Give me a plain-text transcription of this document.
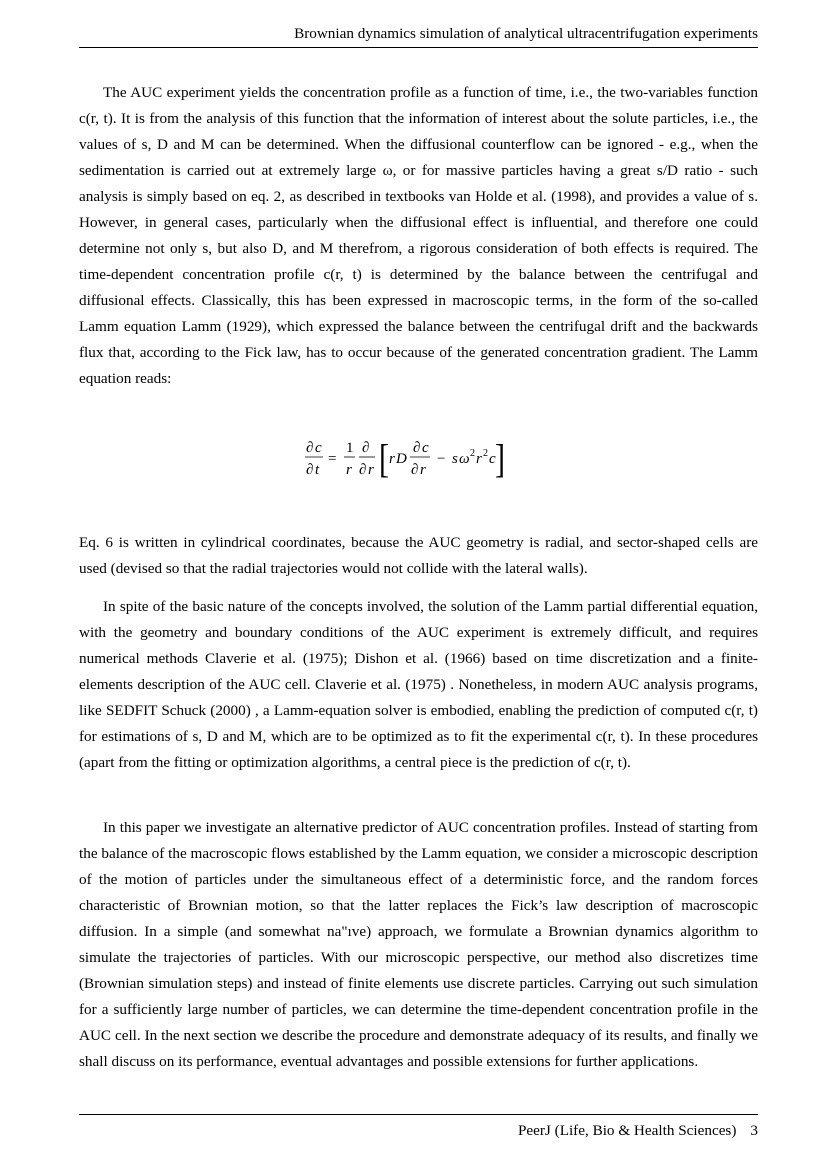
Brownian dynamics simulation of analytical ultracentrifugation experiments

The AUC experiment yields the concentration profile as a function of time, i.e., the two-variables function c(r, t). It is from the analysis of this function that the information of interest about the solute particles, i.e., the values of s, D and M can be determined. When the diffusional counterflow can be ignored - e.g., when the sedimentation is carried out at extremely large ω, or for massive particles having a great s/D ratio - such analysis is simply based on eq. 2, as described in textbooks van Holde et al. (1998), and provides a value of s. However, in general cases, particularly when the diffusional effect is influential, and therefore one could determine not only s, but also D, and M therefrom, a rigorous consideration of both effects is required. The time-dependent concentration profile c(r, t) is determined by the balance between the centrifugal and diffusional effects. Classically, this has been expressed in macroscopic terms, in the form of the so-called Lamm equation Lamm (1929), which expressed the balance between the centrifugal drift and the backwards flux that, according to the Fick law, has to occur because of the generated concentration gradient. The Lamm equation reads:

∂ c
∂ t
=
1
r
∂
∂ r [ r D
∂ c
∂ r
− s ω 2 r 2 c ]

Eq. 6 is written in cylindrical coordinates, because the AUC geometry is radial, and sector-shaped cells are used (devised so that the radial trajectories would not collide with the lateral walls).

In spite of the basic nature of the concepts involved, the solution of the Lamm partial differential equation, with the geometry and boundary conditions of the AUC experiment is extremely difficult, and requires numerical methods Claverie et al. (1975); Dishon et al. (1966) based on time discretization and a finite-elements description of the AUC cell. Claverie et al. (1975) . Nonetheless, in modern AUC analysis programs, like SEDFIT Schuck (2000) , a Lamm-equation solver is embodied, enabling the prediction of computed c(r, t) for estimations of s, D and M, which are to be optimized as to fit the experimental c(r, t). In these procedures (apart from the fitting or optimization algorithms, a central piece is the prediction of c(r, t).

In this paper we investigate an alternative predictor of AUC concentration profiles. Instead of starting from the balance of the macroscopic flows established by the Lamm equation, we consider a microscopic description of the motion of particles under the simultaneous effect of a deterministic force, and the random forces characteristic of Brownian motion, so that the latter replaces the Fick’s law description of macroscopic diffusion. In a simple (and somewhat na"ıve) approach, we formulate a Brownian dynamics algorithm to simulate the trajectories of particles. With our microscopic perspective, our method also discretizes time (Brownian simulation steps) and instead of finite elements use discrete particles. Carrying out such simulation for a sufficiently large number of particles, we can determine the time-dependent concentration profile in the AUC cell. In the next section we describe the procedure and demonstrate adequacy of its results, and finally we shall discuss on its performance, eventual advantages and possible extensions for further applications.

PeerJ (Life, Bio & Health Sciences) 3
